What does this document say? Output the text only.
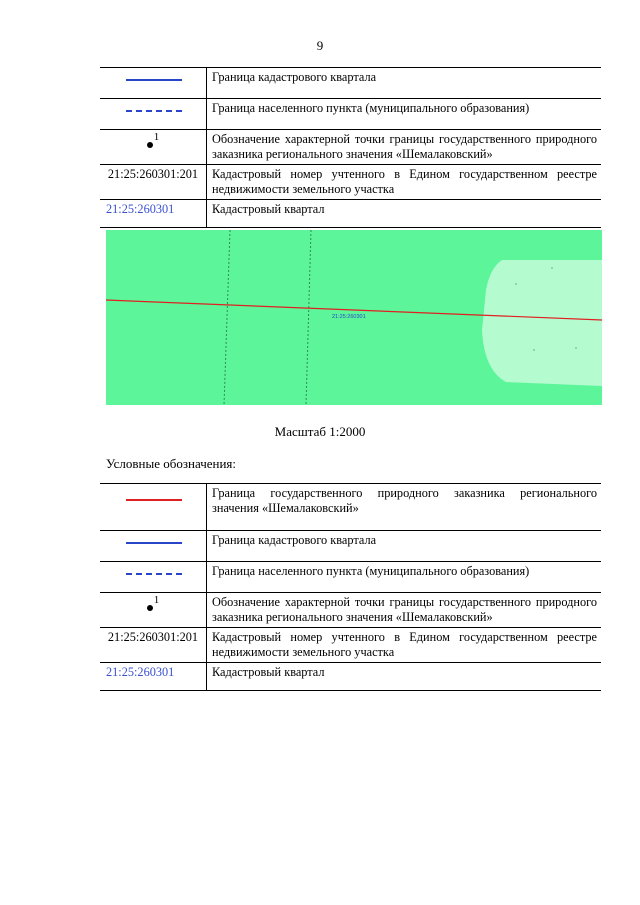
9
	Граница кадастрового квартала

	Граница населенного пункта (муниципального образования)

1	Обозначение характерной точки границы государственного природного заказника регионального значения «Шемалаковский»

21:25:260301:201	Кадастровый номер учтенного в Едином государственном реестре недвижимости земельного участка

21:25:260301	Кадастровый квартал
21:25:260301
Масштаб 1:2000
Условные обозначения:
	Граница государственного природного заказника регионального значения «Шемалаковский»

	Граница кадастрового квартала

	Граница населенного пункта (муниципального образования)

1	Обозначение характерной точки границы государственного природного заказника регионального значения «Шемалаковский»

21:25:260301:201	Кадастровый номер учтенного в Едином государственном реестре недвижимости земельного участка

21:25:260301	Кадастровый квартал
